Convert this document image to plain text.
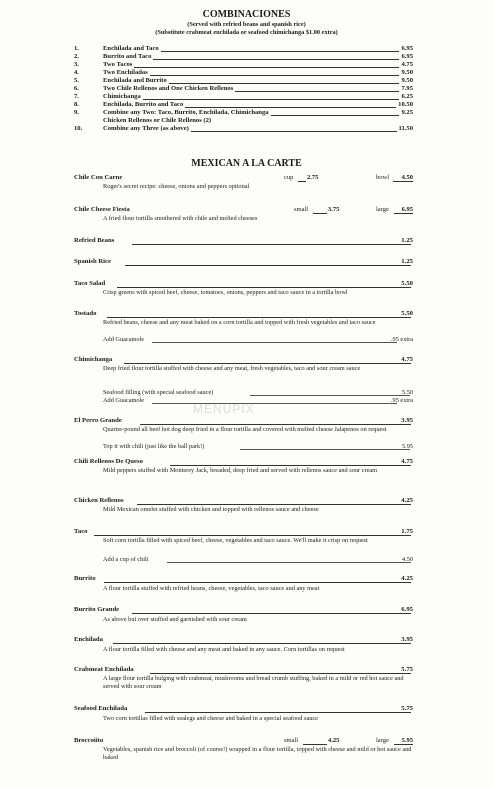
COMBINACIONES
(Served with refried beans and spanish rice)
(Substitute crabmeat enchilada or seafood chimichanga $1.00 extra)
1.	Enchilada and Taco	6.95
2.	Burrito and Taco	6.95
3.	Two Tacos	4.75
4.	Two Enchiladas	9.50
5.	Enchilada and Burrito	9.50
6.	Two Chile Rellenos and One Chicken Rellenos	7.95
7.	Chimichanga	6.25
8.	Enchilada, Burrito and Taco	10.50
9.	Combine any Two: Taco, Burrito, Enchilada, Chimichanga	9.25
Chicken Rellenos or Chile Rellenos (2)
10.	Combine any Three (as above)	11.50
MEXICAN A LA CARTE
Chile Con Carne	cup 2.75	bowl 4.50
Roger's secret recipe: cheese, onions and peppers optional
Chile Cheese Fiesta	small	3.75	large 6.95
A fried flour tortilla smothered with chile and melted cheeses
Refried Beans	1.25
Spanish Rice	1.25
Taco Salad	5.50
Crisp greens with spiced beef, cheese, tomatoes, onions, peppers and taco sauce in a tortilla bowl
Tostado	5.50
Refried beans, cheese and any meat baked on a corn tortilla and topped with fresh vegetables and taco sauce
Add Guacamole	.95 extra
Chimichanga	4.75
Deep fried flour tortilla stuffed with cheese and any meat, fresh vegetables, taco and sour cream sauce
Seafood filling (with special seafood sauce)	5.50
Add Guacamole	.95 extra
El Perro Grande	3.95
Quarter-pound all beef hot dog deep fried in a flour tortilla and covered with melted cheese Jalapenos on request
Top it with chili (just like the ball park!)	5.95
Chili Rellenos De Queso	4.75
Mild peppers stuffed with Monterey Jack, breaded, deep fried and served with rellenos sauce and sour cream
Chicken Rellenos	4.25
Mild Mexican omelet stuffed with chicken and topped with rellenos sauce and cheese
Taco	1.75
Soft corn tortilla filled with spiced beef, cheese, vegetables and taco sauce. We'll make it crisp on request
Add a cup of chili	4.50
Burrito	4.25
A flour tortilla stuffed with refried beans, cheese, vegetables, taco sauce and any meat
Burrito Grande	6.95
As above but over stuffed and garnished with sour cream
Enchilada	3.95
A flour tortilla filled with cheese and any meat and baked in any sauce. Corn tortillas on request
Crabmeat Enchilada	5.75
A large flour tortilla bulging with crabmeat, mushrooms and bread crumb stuffing, baked in a mild or red hot sauce and served with sour cream
Seafood Enchilada	5.75
Two corn tortillas filled with sealegs and cheese and baked in a special seafood sauce
Broccoiito	small	4.25	large 5.95
Vegetables, spanish rice and broccoli (of course!) wrapped in a flour tortilla, topped with cheese and mild or hot sauce and baked
MENUPIX
